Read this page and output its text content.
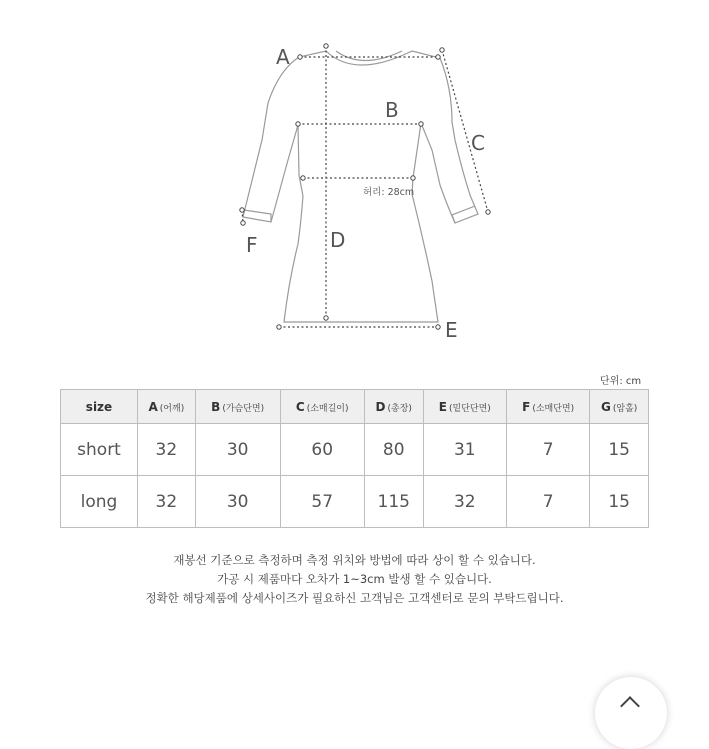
A
B
C
D
E
F
허리: 28cm
단위: cm
size	A (어깨)	B (가슴단면)	C (소매길이)	D (총장)	E (밑단단면)	F (소매단면)	G (암홀)
short	32	30	60	80	31	7	15
long	32	30	57	115	32	7	15

재봉선 기준으로 측정하며 측정 위치와 방법에 따라 상이 할 수 있습니다.

가공 시 제품마다 오차가 1~3cm 발생 할 수 있습니다.

정확한 해당제품에 상세사이즈가 필요하신 고객님은 고객센터로 문의 부탁드립니다.
